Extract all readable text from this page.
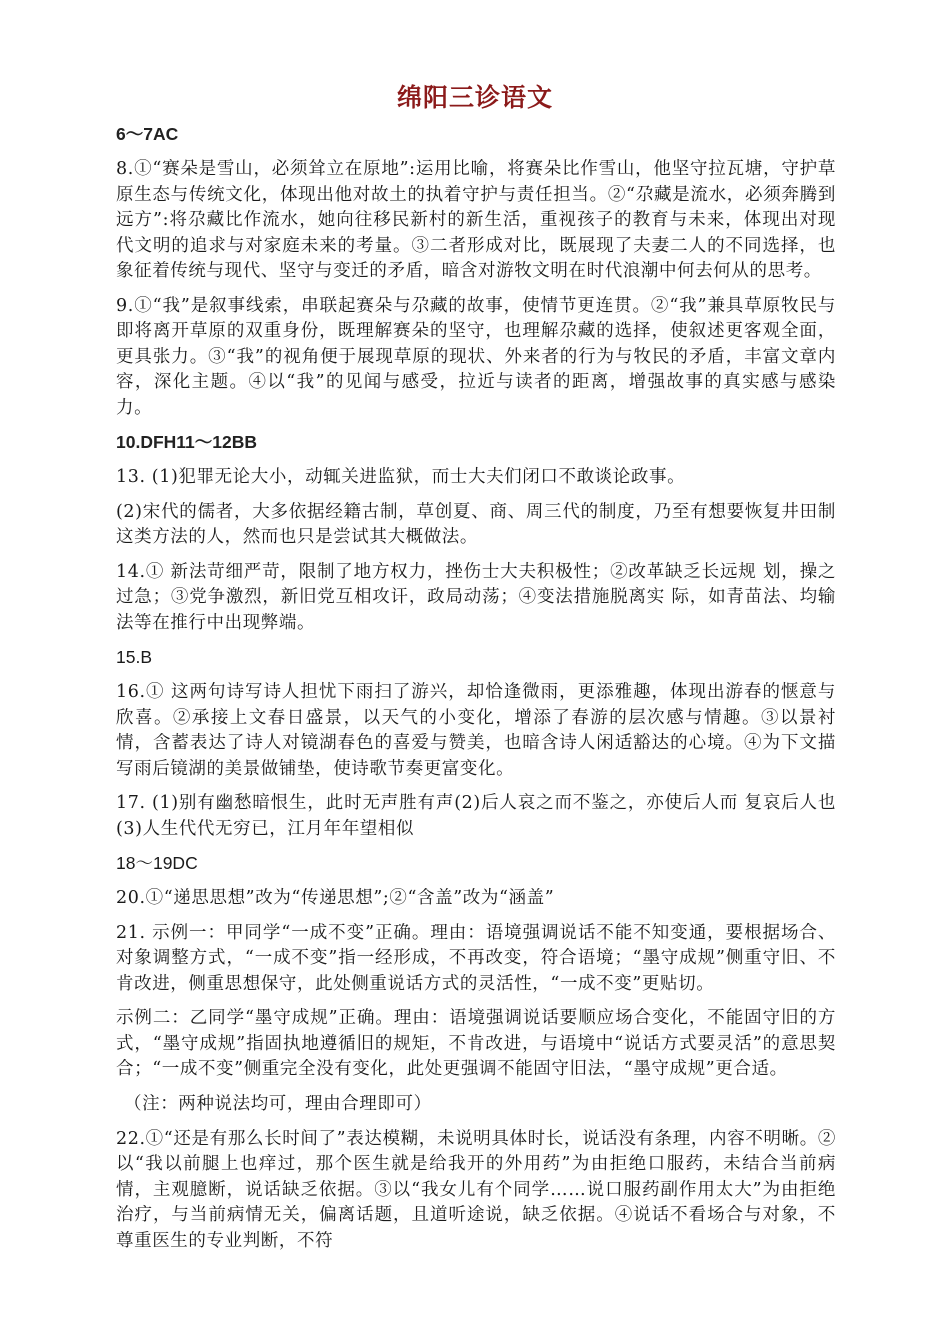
绵阳三诊语文

6～7AC

8.①“赛朵是雪山，必须耸立在原地”:运用比喻，将赛朵比作雪山，他坚守拉瓦塘，守护草原生态与传统文化，体现出他对故土的执着守护与责任担当。②“尕藏是流水，必须奔腾到远方”:将尕藏比作流水，她向往移民新村的新生活，重视孩子的教育与未来，体现出对现代文明的追求与对家庭未来的考量。③二者形成对比，既展现了夫妻二人的不同选择，也象征着传统与现代、坚守与变迁的矛盾，暗含对游牧文明在时代浪潮中何去何从的思考。

9.①“我”是叙事线索，串联起赛朵与尕藏的故事，使情节更连贯。②“我”兼具草原牧民与即将离开草原的双重身份，既理解赛朵的坚守，也理解尕藏的选择，使叙述更客观全面，更具张力。③“我”的视角便于展现草原的现状、外来者的行为与牧民的矛盾，丰富文章内容，深化主题。④以“我”的见闻与感受，拉近与读者的距离，增强故事的真实感与感染力。

10.DFH11～12BB

13. (1)犯罪无论大小，动辄关进监狱，而士大夫们闭口不敢谈论政事。

(2)宋代的儒者，大多依据经籍古制，草创夏、商、周三代的制度，乃至有想要恢复井田制这类方法的人，然而也只是尝试其大概做法。

14.① 新法苛细严苛，限制了地方权力，挫伤士大夫积极性；②改革缺乏长远规 划，操之过急；③党争激烈，新旧党互相攻讦，政局动荡；④变法措施脱离实 际，如青苗法、均输法等在推行中出现弊端。

15.B

16.① 这两句诗写诗人担忧下雨扫了游兴，却恰逢微雨，更添雅趣，体现出游春的惬意与欣喜。②承接上文春日盛景，以天气的小变化，增添了春游的层次感与情趣。③以景衬情，含蓄表达了诗人对镜湖春色的喜爱与赞美，也暗含诗人闲适豁达的心境。④为下文描写雨后镜湖的美景做铺垫，使诗歌节奏更富变化。

17. (1)别有幽愁暗恨生，此时无声胜有声(2)后人哀之而不鉴之，亦使后人而 复哀后人也(3)人生代代无穷已，江月年年望相似

18～19DC

20.①“递思思想”改为“传递思想”;②“含盖”改为“涵盖”

21. 示例一：甲同学“一成不变”正确。理由：语境强调说话不能不知变通，要根据场合、对象调整方式，“一成不变”指一经形成，不再改变，符合语境；“墨守成规”侧重守旧、不肯改进，侧重思想保守，此处侧重说话方式的灵活性，“一成不变”更贴切。

示例二：乙同学“墨守成规”正确。理由：语境强调说话要顺应场合变化，不能固守旧的方式，“墨守成规”指固执地遵循旧的规矩，不肯改进，与语境中“说话方式要灵活”的意思契合；“一成不变”侧重完全没有变化，此处更强调不能固守旧法，“墨守成规”更合适。

（注：两种说法均可，理由合理即可）

22.①“还是有那么长时间了”表达模糊，未说明具体时长，说话没有条理，内容不明晰。②以“我以前腿上也痒过，那个医生就是给我开的外用药”为由拒绝口服药，未结合当前病情，主观臆断，说话缺乏依据。③以“我女儿有个同学……说口服药副作用太大”为由拒绝治疗，与当前病情无关，偏离话题，且道听途说，缺乏依据。④说话不看场合与对象，不尊重医生的专业判断，不符
